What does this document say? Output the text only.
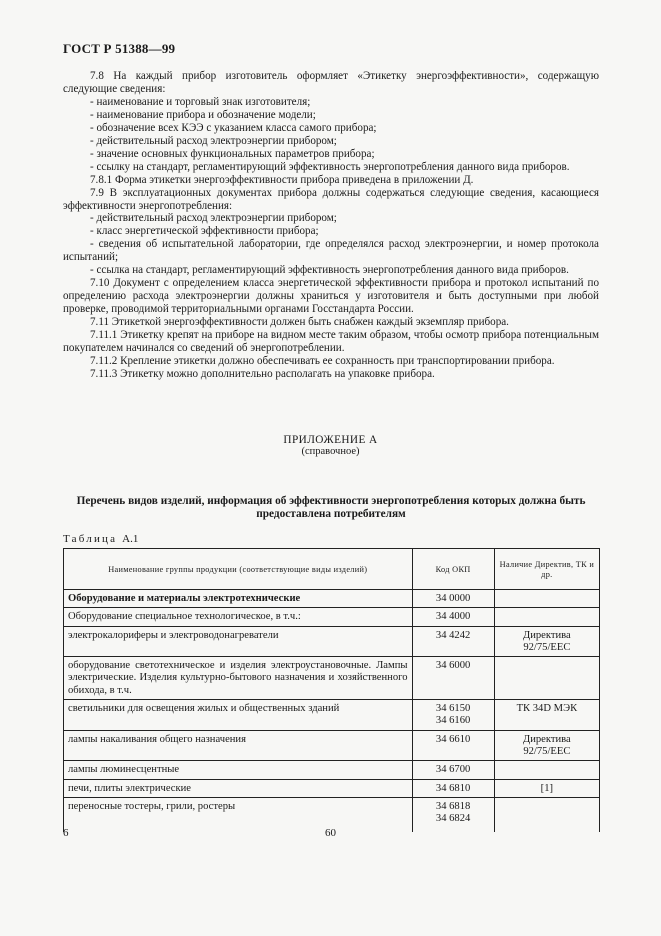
ГОСТ Р 51388—99

7.8 На каждый прибор изготовитель оформляет «Этикетку энергоэффективности», содержащую следующие сведения:

- наименование и торговый знак изготовителя;

- наименование прибора и обозначение модели;

- обозначение всех КЭЭ с указанием класса самого прибора;

- действительный расход электроэнергии прибором;

- значение основных функциональных параметров прибора;

- ссылку на стандарт, регламентирующий эффективность энергопотребления данного вида приборов.

7.8.1 Форма этикетки энергоэффективности прибора приведена в приложении Д.

7.9 В эксплуатационных документах прибора должны содержаться следующие сведения, касающиеся эффективности энергопотребления:

- действительный расход электроэнергии прибором;

- класс энергетической эффективности прибора;

- сведения об испытательной лаборатории, где определялся расход электроэнергии, и номер протокола испытаний;

- ссылка на стандарт, регламентирующий эффективность энергопотребления данного вида приборов.

7.10 Документ с определением класса энергетической эффективности прибора и протокол испытаний по определению расхода электроэнергии должны храниться у изготовителя и быть доступными при любой проверке, проводимой территориальными органами Госстандарта России.

7.11 Этикеткой энергоэффективности должен быть снабжен каждый экземпляр прибора.

7.11.1 Этикетку крепят на приборе на видном месте таким образом, чтобы осмотр прибора потенциальным покупателем начинался со сведений об энергопотреблении.

7.11.2 Крепление этикетки должно обеспечивать ее сохранность при транспортировании прибора.

7.11.3 Этикетку можно дополнительно располагать на упаковке прибора.

ПРИЛОЖЕНИЕ А
(справочное)
Перечень видов изделий, информация об эффективности энергопотребления которых должна быть предоставлена потребителям
Таблица А.1
Наименование группы продукции (соответствующие виды изделий)	Код ОКП	Наличие Директив, ТК и др.
Оборудование и материалы электротехнические	34 0000	
Оборудование специальное технологическое, в т.ч.:	34 4000	
электрокалориферы и электроводонагреватели	34 4242	Директива 92/75/EEC
оборудование светотехническое и изделия электроустановочные. Лампы электрические. Изделия культурно-бытового назначения и хозяйственного обихода, в т.ч.	34 6000	
светильники для освещения жилых и общественных зданий	34 6150
34 6160	ТК 34D МЭК
лампы накаливания общего назначения	34 6610	Директива 92/75/EEC
лампы люминесцентные	34 6700	
печи, плиты электрические	34 6810	[1]
переносные тостеры, грили, ростеры	34 6818
34 6824	
6	60
